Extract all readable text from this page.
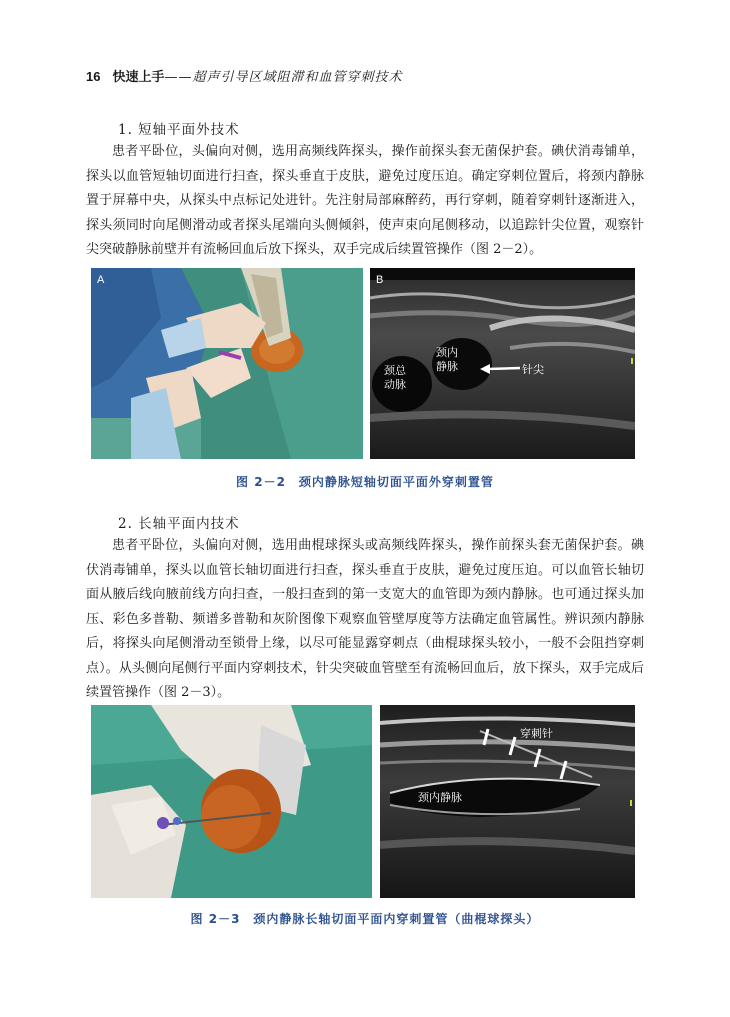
16 快速上手——超声引导区域阻滞和血管穿刺技术
1. 短轴平面外技术
患者平卧位，头偏向对侧，选用高频线阵探头，操作前探头套无菌保护套。碘伏消毒铺单，探头以血管短轴切面进行扫查，探头垂直于皮肤，避免过度压迫。确定穿刺位置后，将颈内静脉置于屏幕中央，从探头中点标记处进针。先注射局部麻醉药，再行穿刺，随着穿刺针逐渐进入，探头须同时向尾侧滑动或者探头尾端向头侧倾斜，使声束向尾侧移动，以追踪针尖位置，观察针尖突破静脉前壁并有流畅回血后放下探头，双手完成后续置管操作（图 2－2）。
A	B
颈总动脉
颈内静脉	针尖
图 2－2　颈内静脉短轴切面平面外穿刺置管
2. 长轴平面内技术
患者平卧位，头偏向对侧，选用曲棍球探头或高频线阵探头，操作前探头套无菌保护套。碘伏消毒铺单，探头以血管长轴切面进行扫查，探头垂直于皮肤，避免过度压迫。可以血管长轴切面从腋后线向腋前线方向扫查，一般扫查到的第一支宽大的血管即为颈内静脉。也可通过探头加压、彩色多普勒、频谱多普勒和灰阶图像下观察血管壁厚度等方法确定血管属性。辨识颈内静脉后，将探头向尾侧滑动至锁骨上缘，以尽可能显露穿刺点（曲棍球探头较小，一般不会阻挡穿刺点）。从头侧向尾侧行平面内穿刺技术，针尖突破血管壁至有流畅回血后，放下探头，双手完成后续置管操作（图 2－3）。
穿刺针
颈内静脉
图 2－3　颈内静脉长轴切面平面内穿刺置管（曲棍球探头）
